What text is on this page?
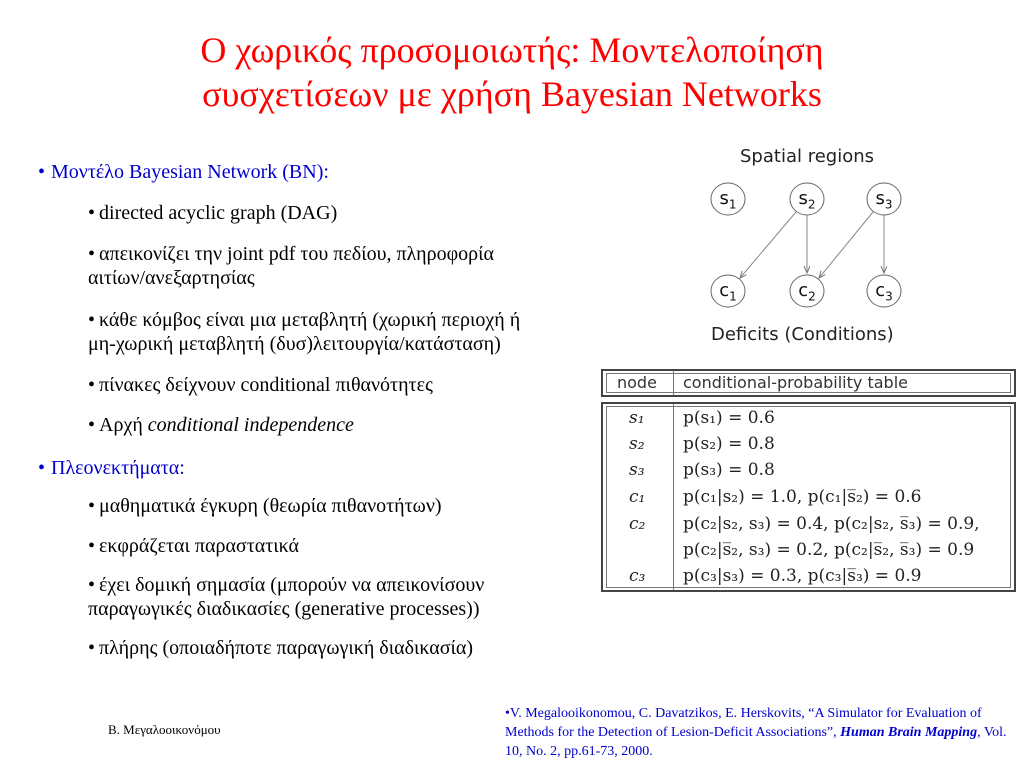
Ο χωρικός προσομοιωτής: Μοντελοποίηση
συσχετίσεων με χρήση Bayesian Networks
• Μοντέλο Bayesian Network (BN):
• directed acyclic graph (DAG)
• απεικονίζει την joint pdf του πεδίου, πληροφορία
αιτίων/ανεξαρτησίας
• κάθε κόμβος είναι μια μεταβλητή (χωρική περιοχή ή
μη-χωρική μεταβλητή (δυσ)λειτουργία/κατάσταση)
• πίνακες δείχνουν conditional πιθανότητες
• Αρχή conditional independence
• Πλεονεκτήματα:
• μαθηματικά έγκυρη (θεωρία πιθανοτήτων)
• εκφράζεται παραστατικά
• έχει δομική σημασία (μπορούν να απεικονίσουν
παραγωγικές διαδικασίες (generative processes))
• πλήρης (οποιαδήποτε παραγωγική διαδικασία)
Spatial regions
Deficits (Conditions)
$s_1$	$s_2$	$s_3$
$c_1$	$c_2$	$c_3$
node conditional-probability table
s₁ p(s₁) = 0.6
s₂ p(s₂) = 0.8
s₃ p(s₃) = 0.8
c₁ p(c₁|s₂) = 1.0, p(c₁|s̅₂) = 0.6
c₂ p(c₂|s₂, s₃) = 0.4, p(c₂|s₂, s̅₃) = 0.9,
p(c₂|s̅₂, s₃) = 0.2, p(c₂|s̅₂, s̅₃) = 0.9
c₃ p(c₃|s₃) = 0.3, p(c₃|s̅₃) = 0.9
Β. Μεγαλοοικονόμου
•V. Megalooikonomou, C. Davatzikos, E. Herskovits, “A Simulator for Evaluation of Methods for the Detection of Lesion-Deficit Associations”, Human Brain Mapping, Vol. 10, No. 2, pp.61-73, 2000.
